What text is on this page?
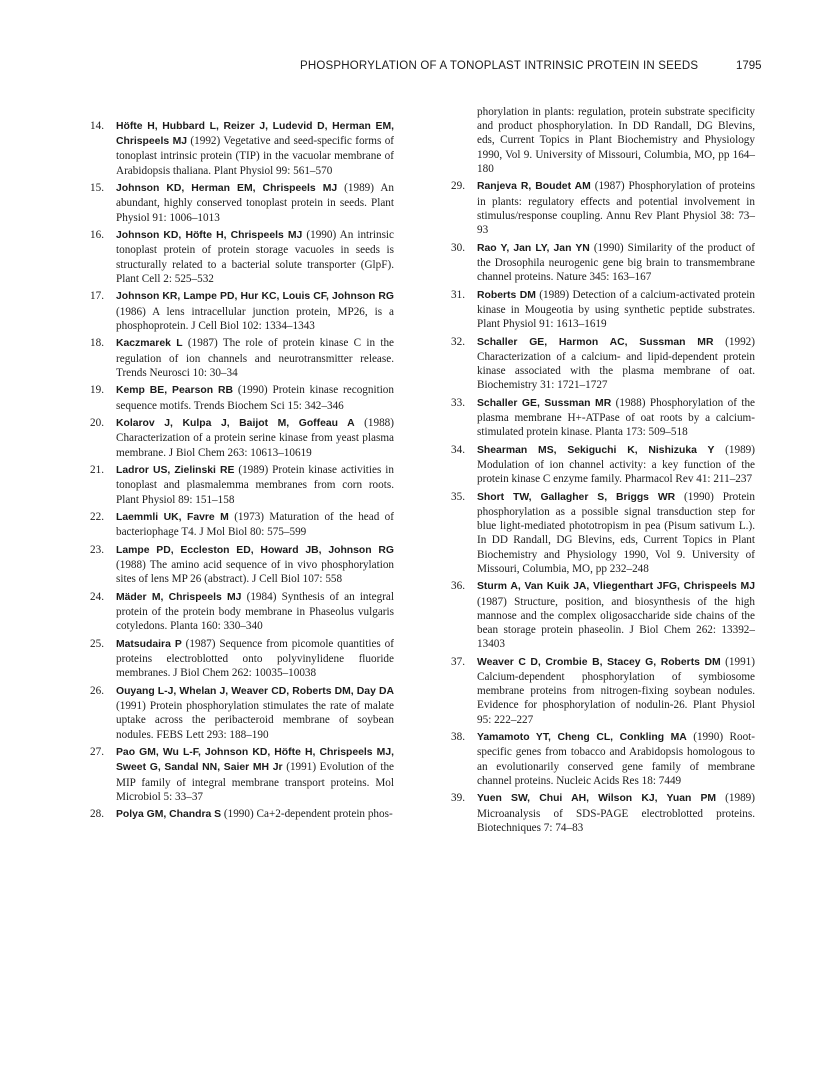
PHOSPHORYLATION OF A TONOPLAST INTRINSIC PROTEIN IN SEEDS	1795

14. Höfte H, Hubbard L, Reizer J, Ludevid D, Herman EM, Chrispeels MJ (1992) Vegetative and seed-specific forms of tonoplast intrinsic protein (TIP) in the vacuolar membrane of Arabidopsis thaliana. Plant Physiol 99: 561–570

15. Johnson KD, Herman EM, Chrispeels MJ (1989) An abundant, highly conserved tonoplast protein in seeds. Plant Physiol 91: 1006–1013

16. Johnson KD, Höfte H, Chrispeels MJ (1990) An intrinsic tonoplast protein of protein storage vacuoles in seeds is structurally related to a bacterial solute transporter (GlpF). Plant Cell 2: 525–532

17. Johnson KR, Lampe PD, Hur KC, Louis CF, Johnson RG (1986) A lens intracellular junction protein, MP26, is a phosphoprotein. J Cell Biol 102: 1334–1343

18. Kaczmarek L (1987) The role of protein kinase C in the regulation of ion channels and neurotransmitter release. Trends Neurosci 10: 30–34

19. Kemp BE, Pearson RB (1990) Protein kinase recognition sequence motifs. Trends Biochem Sci 15: 342–346

20. Kolarov J, Kulpa J, Baijot M, Goffeau A (1988) Characterization of a protein serine kinase from yeast plasma membrane. J Biol Chem 263: 10613–10619

21. Ladror US, Zielinski RE (1989) Protein kinase activities in tonoplast and plasmalemma membranes from corn roots. Plant Physiol 89: 151–158

22. Laemmli UK, Favre M (1973) Maturation of the head of bacteriophage T4. J Mol Biol 80: 575–599

23. Lampe PD, Eccleston ED, Howard JB, Johnson RG (1988) The amino acid sequence of in vivo phosphorylation sites of lens MP 26 (abstract). J Cell Biol 107: 558

24. Mäder M, Chrispeels MJ (1984) Synthesis of an integral protein of the protein body membrane in Phaseolus vulgaris cotyledons. Planta 160: 330–340

25. Matsudaira P (1987) Sequence from picomole quantities of proteins electroblotted onto polyvinylidene fluoride membranes. J Biol Chem 262: 10035–10038

26. Ouyang L-J, Whelan J, Weaver CD, Roberts DM, Day DA (1991) Protein phosphorylation stimulates the rate of malate uptake across the peribacteroid membrane of soybean nodules. FEBS Lett 293: 188–190

27. Pao GM, Wu L-F, Johnson KD, Höfte H, Chrispeels MJ, Sweet G, Sandal NN, Saier MH Jr (1991) Evolution of the MIP family of integral membrane transport proteins. Mol Microbiol 5: 33–37

28. Polya GM, Chandra S (1990) Ca+2-dependent protein phos-

phorylation in plants: regulation, protein substrate specificity and product phosphorylation. In DD Randall, DG Blevins, eds, Current Topics in Plant Biochemistry and Physiology 1990, Vol 9. University of Missouri, Columbia, MO, pp 164–180

29. Ranjeva R, Boudet AM (1987) Phosphorylation of proteins in plants: regulatory effects and potential involvement in stimulus/response coupling. Annu Rev Plant Physiol 38: 73–93

30. Rao Y, Jan LY, Jan YN (1990) Similarity of the product of the Drosophila neurogenic gene big brain to transmembrane channel proteins. Nature 345: 163–167

31. Roberts DM (1989) Detection of a calcium-activated protein kinase in Mougeotia by using synthetic peptide substrates. Plant Physiol 91: 1613–1619

32. Schaller GE, Harmon AC, Sussman MR (1992) Characterization of a calcium- and lipid-dependent protein kinase associated with the plasma membrane of oat. Biochemistry 31: 1721–1727

33. Schaller GE, Sussman MR (1988) Phosphorylation of the plasma membrane H+-ATPase of oat roots by a calcium-stimulated protein kinase. Planta 173: 509–518

34. Shearman MS, Sekiguchi K, Nishizuka Y (1989) Modulation of ion channel activity: a key function of the protein kinase C enzyme family. Pharmacol Rev 41: 211–237

35. Short TW, Gallagher S, Briggs WR (1990) Protein phosphorylation as a possible signal transduction step for blue light-mediated phototropism in pea (Pisum sativum L.). In DD Randall, DG Blevins, eds, Current Topics in Plant Biochemistry and Physiology 1990, Vol 9. University of Missouri, Columbia, MO, pp 232–248

36. Sturm A, Van Kuik JA, Vliegenthart JFG, Chrispeels MJ (1987) Structure, position, and biosynthesis of the high mannose and the complex oligosaccharide side chains of the bean storage protein phaseolin. J Biol Chem 262: 13392–13403

37. Weaver C D, Crombie B, Stacey G, Roberts DM (1991) Calcium-dependent phosphorylation of symbiosome membrane proteins from nitrogen-fixing soybean nodules. Evidence for phosphorylation of nodulin-26. Plant Physiol 95: 222–227

38. Yamamoto YT, Cheng CL, Conkling MA (1990) Root-specific genes from tobacco and Arabidopsis homologous to an evolutionarily conserved gene family of membrane channel proteins. Nucleic Acids Res 18: 7449

39. Yuen SW, Chui AH, Wilson KJ, Yuan PM (1989) Microanalysis of SDS-PAGE electroblotted proteins. Biotechniques 7: 74–83
